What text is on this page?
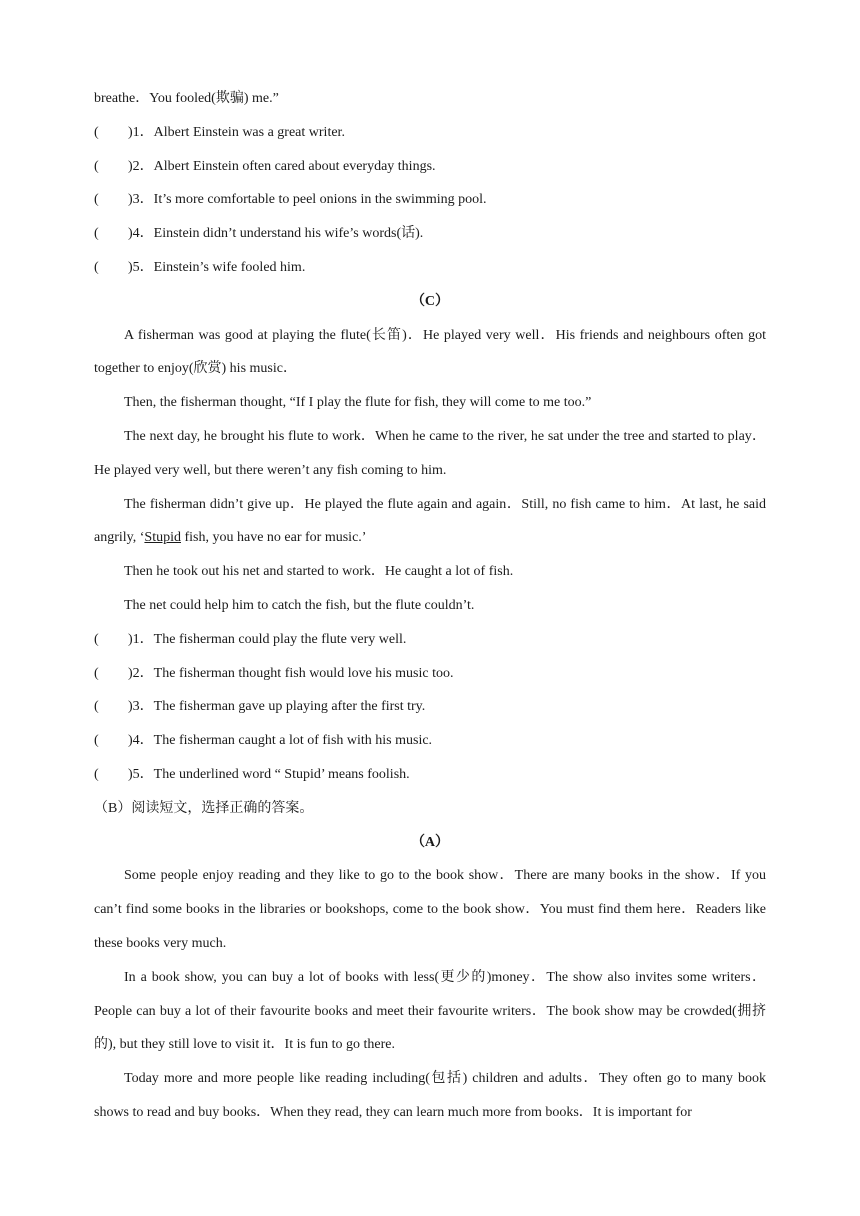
breathe．You fooled(欺骗) me.”
(	)1． Albert Einstein was a great writer.
(	)2． Albert Einstein often cared about everyday things.
(	)3． It’s more comfortable to peel onions in the swimming pool.
(	)4． Einstein didn’t understand his wife’s words(话).
(	)5． Einstein’s wife fooled him.
（C）
A fisherman was good at playing the flute(长笛)．He played very well．His friends and neighbours often got together to enjoy(欣赏) his music．
Then, the fisherman thought, “If I play the flute for fish, they will come to me too.”
The next day, he brought his flute to work．When he came to the river, he sat under the tree and started to play．He played very well, but there weren’t any fish coming to him.
The fisherman didn’t give up．He played the flute again and again．Still, no fish came to him．At last, he said angrily, ‘Stupid fish, you have no ear for music.’
Then he took out his net and started to work．He caught a lot of fish.
The net could help him to catch the fish, but the flute couldn’t.
(	)1． The fisherman could play the flute very well.
(	)2． The fisherman thought fish would love his music too.
(	)3． The fisherman gave up playing after the first try.
(	)4． The fisherman caught a lot of fish with his music.
(	)5． The underlined word “ Stupid’ means foolish.
（B）阅读短文，选择正确的答案。
（A）
Some people enjoy reading and they like to go to the book show．There are many books in the show．If you can’t find some books in the libraries or bookshops, come to the book show．You must find them here．Readers like these books very much.
In a book show, you can buy a lot of books with less(更少的)money．The show also invites some writers．People can buy a lot of their favourite books and meet their favourite writers．The book show may be crowded(拥挤的), but they still love to visit it．It is fun to go there.
Today more and more people like reading including(包括) children and adults．They often go to many book shows to read and buy books．When they read, they can learn much more from books．It is important for
